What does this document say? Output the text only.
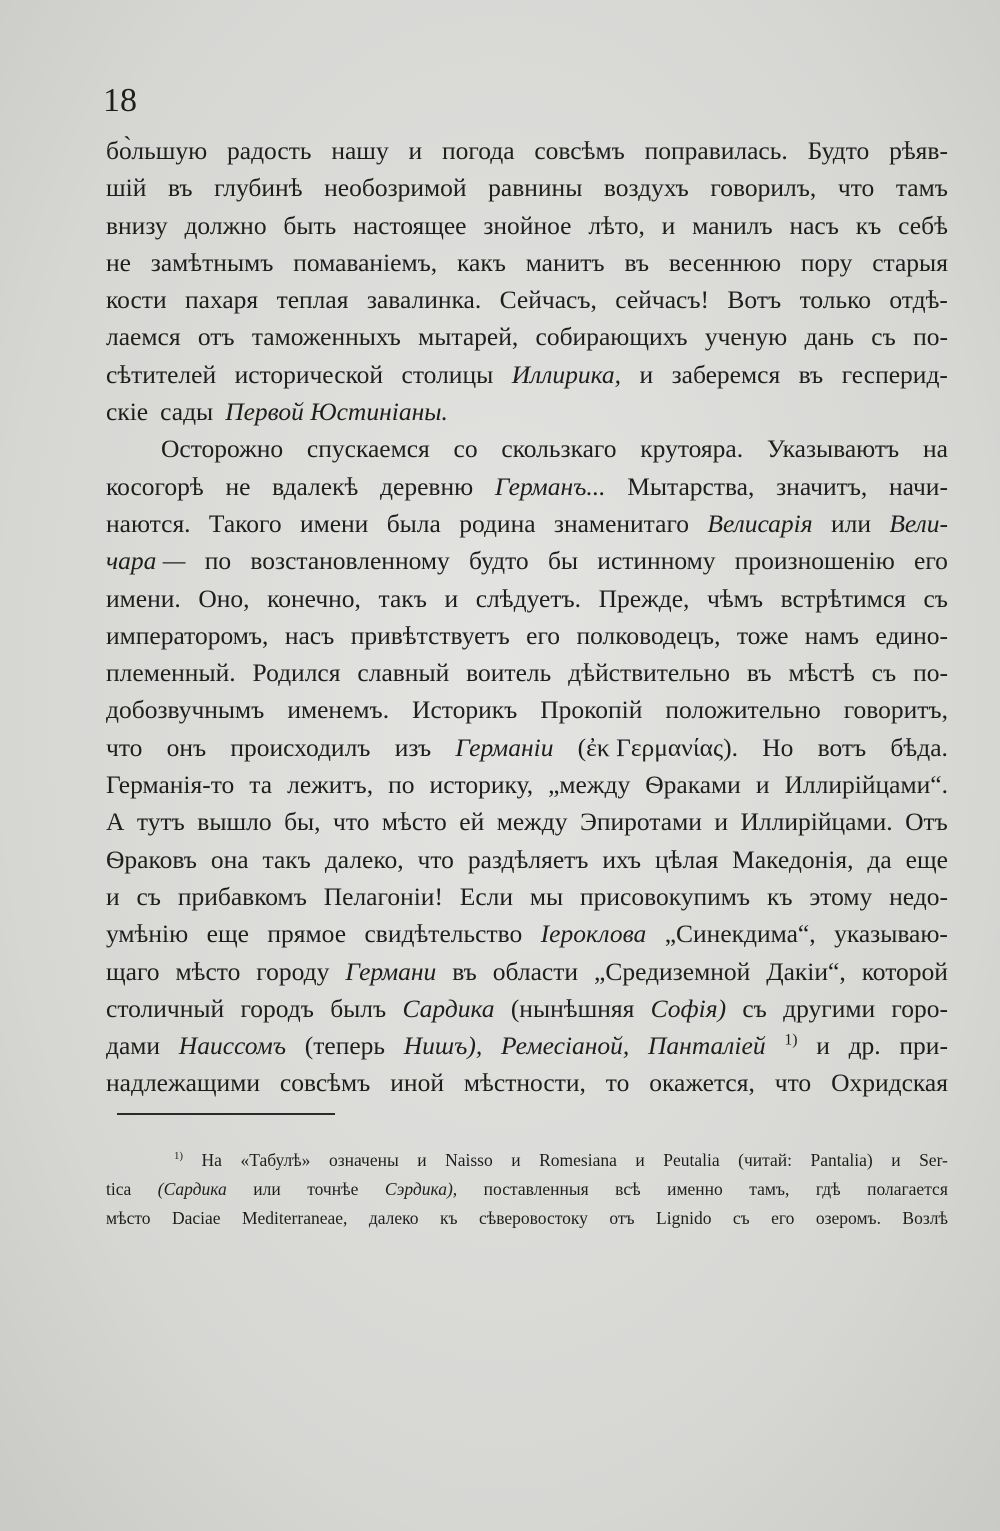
18
бо̀льшую радость нашу и погода совсѣмъ поправилась. Будто рѣяв-
шій въ глубинѣ необозримой равнины воздухъ говорилъ, что тамъ
внизу должно быть настоящее знойное лѣто, и манилъ насъ къ себѣ
не замѣтнымъ помаваніемъ, какъ манитъ въ весеннюю пору старыя
кости пахаря теплая завалинка. Сейчасъ, сейчасъ! Вотъ только отдѣ-
лаемся отъ таможенныхъ мытарей, собирающихъ ученую дань съ по-
сѣтителей исторической столицы Иллирика, и заберемся въ гесперид-
скіе сады Первой Юстиніаны.
Осторожно спускаемся со скользкаго крутояра. Указываютъ на
косогорѣ не вдалекѣ деревню Германъ... Мытарства, значитъ, начи-
наются. Такого имени была родина знаменитаго Велисарія или Вели-
чара — по возстановленному будто бы истинному произношенію его
имени. Оно, конечно, такъ и слѣдуетъ. Прежде, чѣмъ встрѣтимся съ
императоромъ, насъ привѣтствуетъ его полководецъ, тоже намъ едино-
племенный. Родился славный воитель дѣйствительно въ мѣстѣ съ по-
добозвучнымъ именемъ. Историкъ Прокопій положительно говоритъ,
что онъ происходилъ изъ Германіи (ἐκ Γερμανίας). Но вотъ бѣда.
Германія-то та лежитъ, по историку, „между Ѳраками и Иллирійцами“.
А тутъ вышло бы, что мѣсто ей между Эпиротами и Иллирійцами. Отъ
Ѳраковъ она такъ далеко, что раздѣляетъ ихъ цѣлая Македонія, да еще
и съ прибавкомъ Пелагоніи! Если мы присовокупимъ къ этому недо-
умѣнію еще прямое свидѣтельство Іероклова „Синекдима“, указываю-
щаго мѣсто городу Германи въ области „Средиземной Дакіи“, которой
столичный городъ былъ Сардика (нынѣшняя Софія) съ другими горо-
дами Наиссомъ (теперь Нишъ), Ремесіаной, Панталіей $^{1)}$ и др. при-
надлежащими совсѣмъ иной мѣстности, то окажется, что Охридская
$^{1)}$ На «Табулѣ» означены и Naisso и Romesiana и Peutalia (читай: Pantalia) и Ser-
tica (Сардика или точнѣе Сэрдика), поставленныя всѣ именно тамъ, гдѣ полагается
мѣсто Daciae Mediterraneae, далеко къ сѣверовостоку отъ Lignido съ его озеромъ. Возлѣ
